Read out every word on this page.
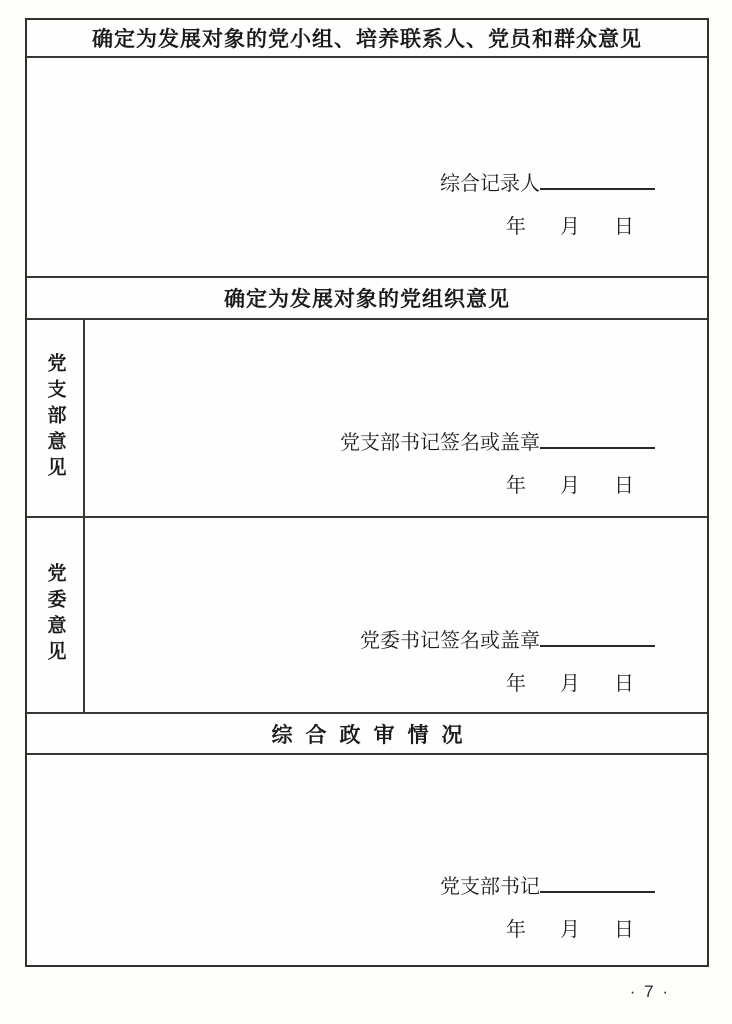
确定为发展对象的党小组、培养联系人、党员和群众意见
综合记录人
年 月 日
确定为发展对象的党组织意见
党支部意见	党支部书记签名或盖章
年 月 日
党委意见	党委书记签名或盖章
年 月 日
综合政审情况
党支部书记
年 月 日
· 7 ·
